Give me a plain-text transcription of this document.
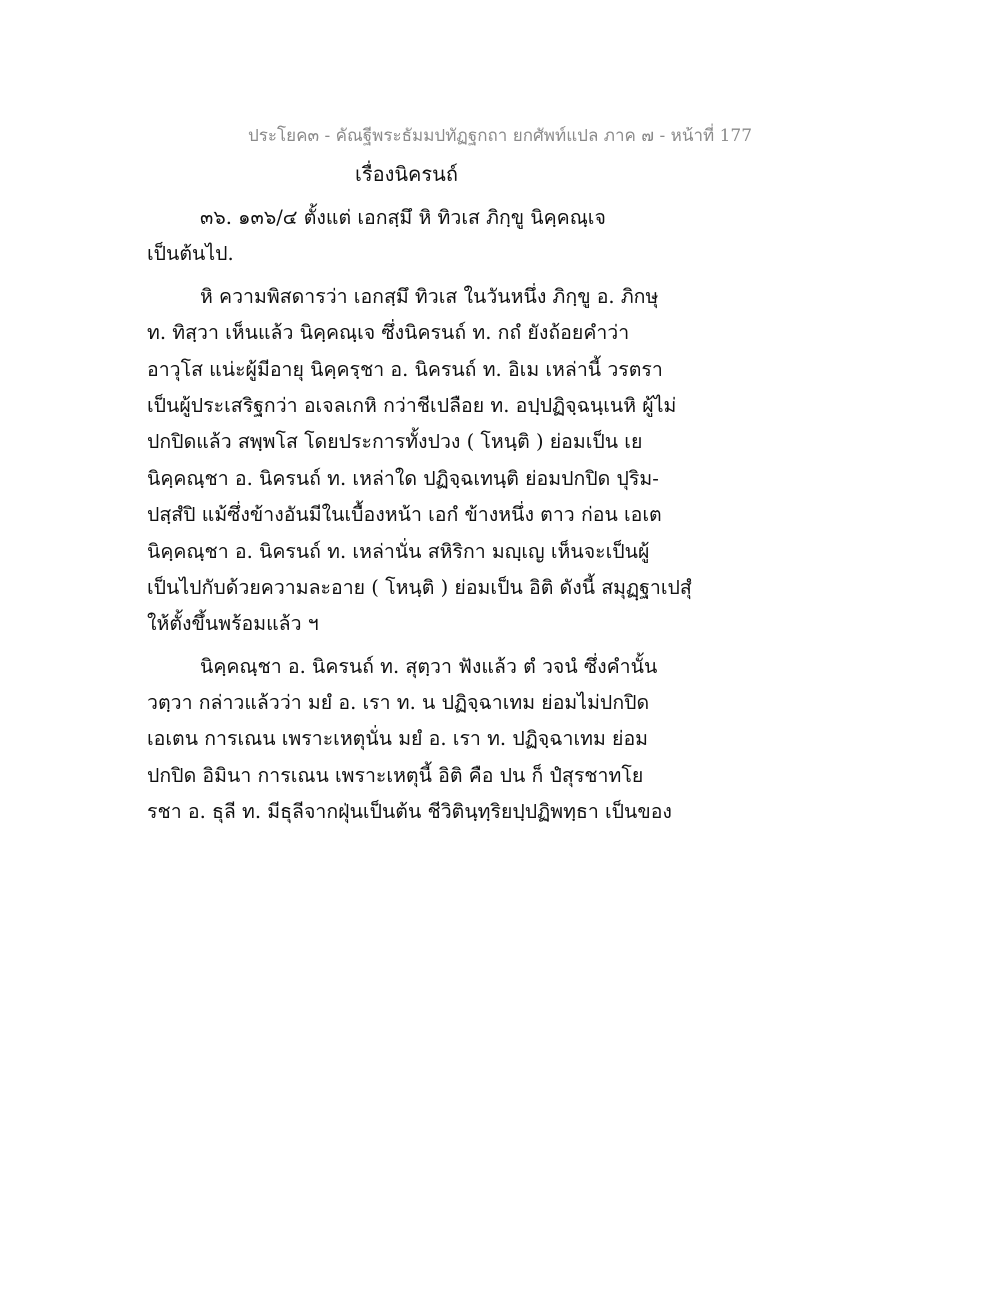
ประโยค๓ - คัณฐีพระธัมมปทัฏฐกถา ยกศัพท์แปล ภาค ๗ - หน้าที่ 177
เรื่องนิครนถ์
๓๖. ๑๓๖/๔ ตั้งแต่ เอกสฺมึ หิ ทิวเส ภิกฺขู นิคฺคณฺเจ
เป็นต้นไป.
หิ ความพิสดารว่า เอกสฺมึ ทิวเส ในวันหนึ่ง ภิกฺขู อ. ภิกษุ
ท. ทิสฺวา เห็นแล้ว นิคฺคณฺเจ ซึ่งนิครนถ์ ท. กถํ ยังถ้อยคำว่า
อาวุโส แน่ะผู้มีอายุ นิคฺครฺชา อ. นิครนถ์ ท. อิเม เหล่านี้ วรตรา
เป็นผู้ประเสริฐกว่า อเจลเกหิ กว่าชีเปลือย ท. อปฺปฏิจฺฉนฺเนหิ ผู้ไม่
ปกปิดแล้ว สพฺพโส โดยประการทั้งปวง ( โหนฺติ ) ย่อมเป็น เย
นิคฺคณฺชา อ. นิครนถ์ ท. เหล่าใด ปฏิจฺฉเทนฺติ ย่อมปกปิด ปุริม-
ปสฺสํปิ แม้ซึ่งข้างอันมีในเบื้องหน้า เอกํ ข้างหนึ่ง ตาว ก่อน เอเต
นิคฺคณฺชา อ. นิครนถ์ ท. เหล่านั่น สหิริกา มญฺเญ เห็นจะเป็นผู้
เป็นไปกับด้วยความละอาย ( โหนฺติ ) ย่อมเป็น อิติ ดังนี้ สมุฏฺฐาเปสุํ
ให้ตั้งขึ้นพร้อมแล้ว ฯ
นิคฺคณฺชา อ. นิครนถ์ ท. สุตฺวา ฟังแล้ว ตํ วจนํ ซึ่งคำนั้น
วตฺวา กล่าวแล้วว่า มยํ อ. เรา ท. น ปฏิจฺฉาเทม ย่อมไม่ปกปิด
เอเตน การเณน เพราะเหตุนั่น มยํ อ. เรา ท. ปฏิจฺฉาเทม ย่อม
ปกปิด อิมินา การเณน เพราะเหตุนี้ อิติ คือ ปน ก็ ปํสุรชาทโย
รชา อ. ธุลี ท. มีธุลีจากฝุ่นเป็นต้น ชีวิตินฺทฺริยปฺปฏิพทฺธา เป็นของ
